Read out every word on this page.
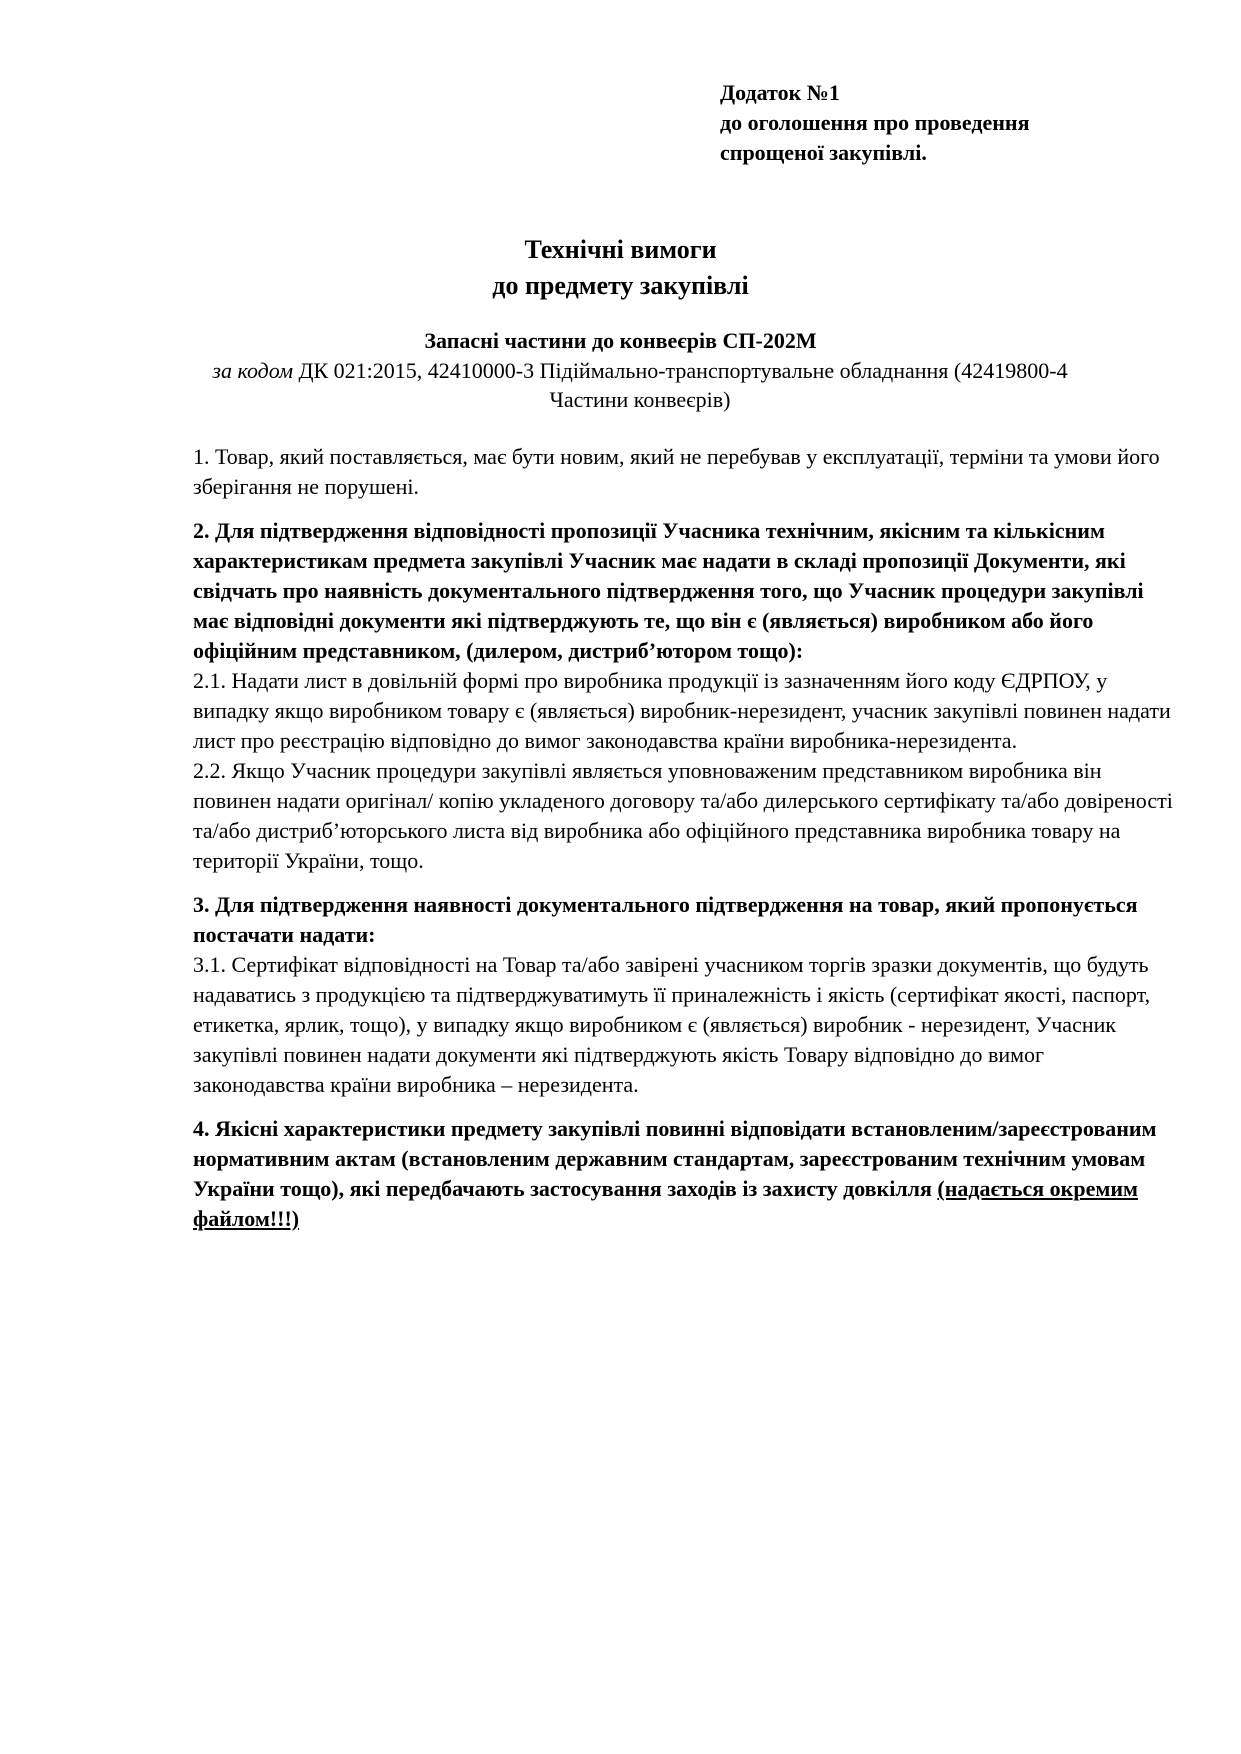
Додаток №1
до оголошення про проведення
спрощеної закупівлі.
Технічні вимоги
до предмету закупівлі
Запасні частини до конвеєрів СП-202М
за кодом ДК 021:2015, 42410000-3 Підіймально-транспортувальне обладнання (42419800-4
Частини конвеєрів)

1. Товар, який поставляється, має бути новим, який не перебував у експлуатації, терміни та умови його зберігання не порушені.

2. Для підтвердження відповідності пропозиції Учасника технічним, якісним та кількісним характеристикам предмета закупівлі Учасник має надати в складі пропозиції Документи, які свідчать про наявність документального підтвердження того, що Учасник процедури закупівлі має відповідні документи які підтверджують те, що він є (являється) виробником або його офіційним представником, (дилером, дистриб’ютором тощо):
2.1. Надати лист в довільній формі про виробника продукції із зазначенням його коду ЄДРПОУ, у випадку якщо виробником товару є (являється) виробник-нерезидент, учасник закупівлі повинен надати лист про реєстрацію відповідно до вимог законодавства країни виробника-нерезидента.
2.2. Якщо Учасник процедури закупівлі являється уповноваженим представником виробника він повинен надати оригінал/ копію укладеного договору та/або дилерського сертифікату та/або довіреності та/або дистриб’юторського листа від виробника або офіційного представника виробника товару на території України, тощо.

3. Для підтвердження наявності документального підтвердження на товар, який пропонується постачати надати:
3.1. Сертифікат відповідності на Товар та/або завірені учасником торгів зразки документів, що будуть надаватись з продукцією та підтверджуватимуть її приналежність і якість (сертифікат якості, паспорт, етикетка, ярлик, тощо), у випадку якщо виробником є (являється) виробник - нерезидент, Учасник закупівлі повинен надати документи які підтверджують якість Товару відповідно до вимог законодавства країни виробника – нерезидента.

4. Якісні характеристики предмету закупівлі повинні відповідати встановленим/зареєстрованим нормативним актам (встановленим державним стандартам, зареєстрованим технічним умовам України тощо), які передбачають застосування заходів із захисту довкілля (надається окремим файлом!!!)
